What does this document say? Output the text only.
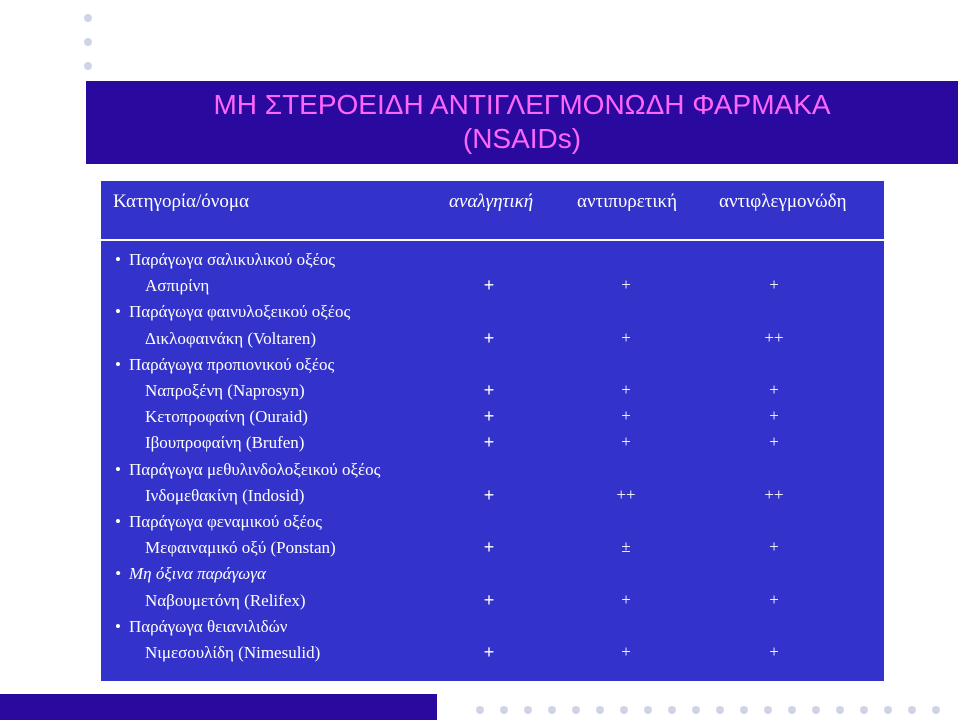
ΜΗ ΣΤΕΡΟΕΙΔΗ ΑΝΤΙΓΛΕΓΜΟΝΩΔΗ ΦΑΡΜΑΚΑ
(NSAIDs)
Κατηγορία/όνομα	αναλγητική αντιπυρετική αντιφλεγμονώδη
• Παράγωγα σαλικυλικού οξέος
Ασπιρίνη	+	+	+
• Παράγωγα φαινυλοξεικού οξέος
Δικλοφαινάκη (Voltaren)	+	+	++
• Παράγωγα προπιονικού οξέος
Ναπροξένη (Naprosyn)	+	+	+
Κετοπροφαίνη (Ouraid)	+	+	+
Ιβουπροφαίνη (Brufen)	+	+	+
• Παράγωγα μεθυλινδολοξεικού οξέος
Ινδομεθακίνη (Indosid)	+	++	++
• Παράγωγα φεναμικού οξέος
Μεφαιναμικό οξύ (Ponstan)	+	±	+
• Μη όξινα παράγωγα
Ναβουμετόνη (Relifex)	+	+	+
• Παράγωγα θειανιλιδών
Νιμεσουλίδη (Nimesulid)	+	+	+
